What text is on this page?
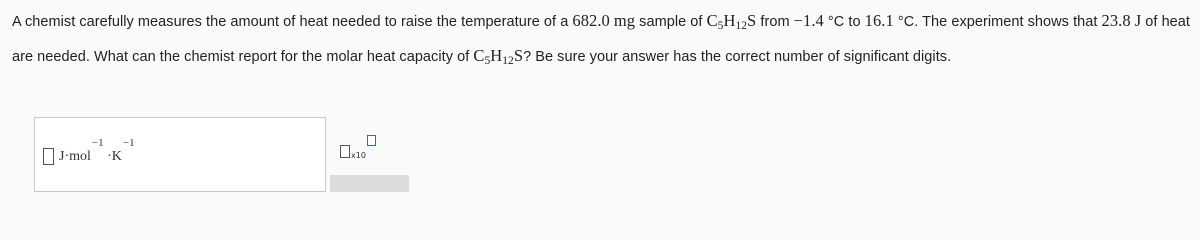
A chemist carefully measures the amount of heat needed to raise the temperature of a 682.0 mg sample of $C_5H_{12}S$ from −1.4 °C to 16.1 °C. The experiment shows that 23.8 J of heat are needed. What can the chemist report for the molar heat capacity of $C_5H_{12}S$? Be sure your answer has the correct number of significant digits.
J·mol−1 ·K−1
x10
